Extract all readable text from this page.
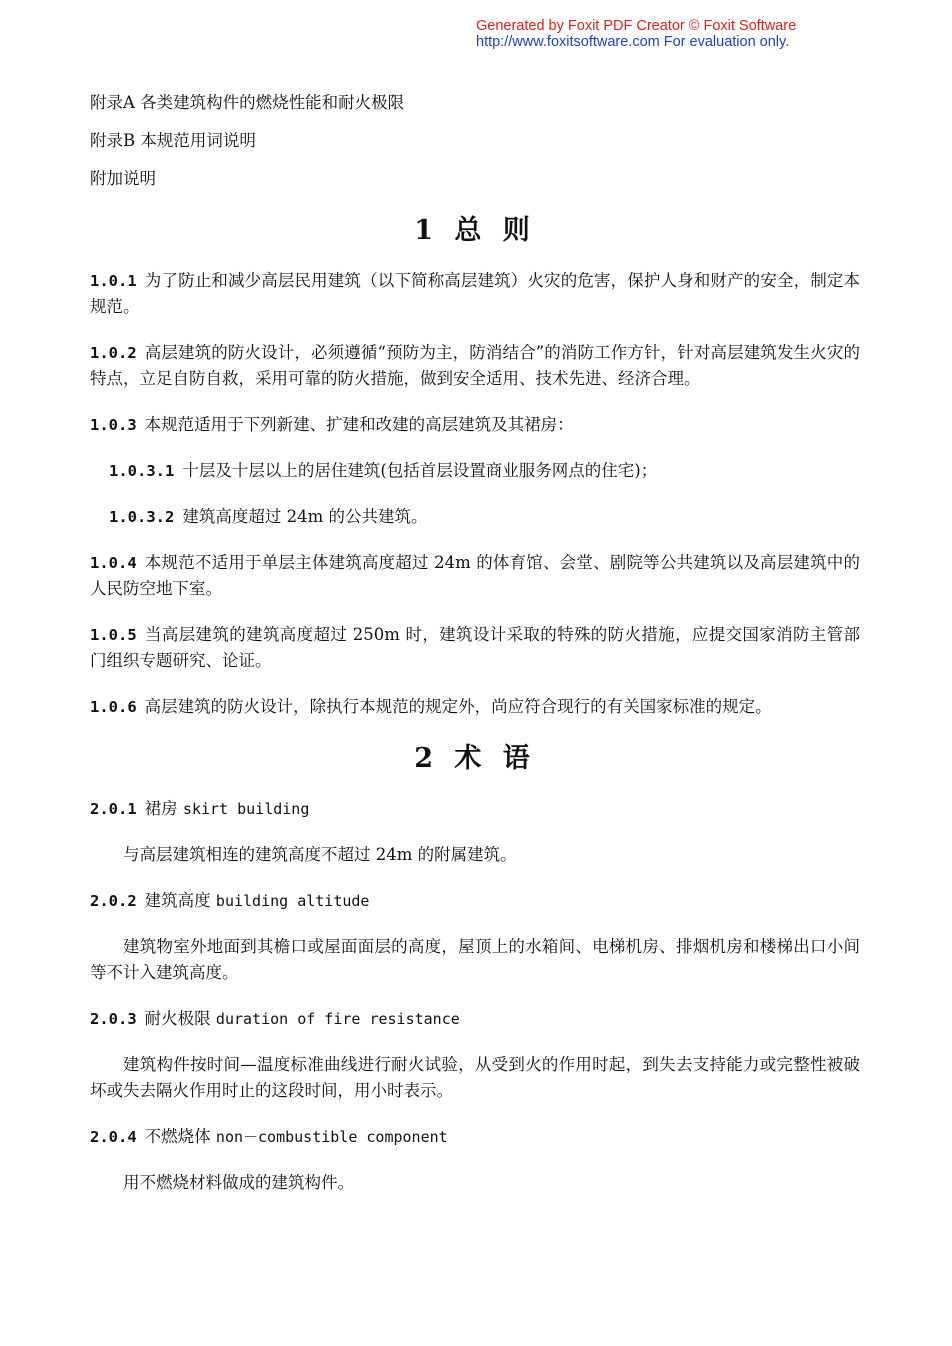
Generated by Foxit PDF Creator © Foxit Software
http://www.foxitsoftware.com For evaluation only.
附录A 各类建筑构件的燃烧性能和耐火极限
附录B 本规范用词说明
附加说明
1 总 则

1.0.1 为了防止和减少高层民用建筑（以下简称高层建筑）火灾的危害，保护人身和财产的安全，制定本规范。

1.0.2 高层建筑的防火设计，必须遵循“预防为主，防消结合”的消防工作方针，针对高层建筑发生火灾的特点，立足自防自救，采用可靠的防火措施，做到安全适用、技术先进、经济合理。

1.0.3 本规范适用于下列新建、扩建和改建的高层建筑及其裙房：

1.0.3.1 十层及十层以上的居住建筑(包括首层设置商业服务网点的住宅)；

1.0.3.2 建筑高度超过 24m 的公共建筑。

1.0.4 本规范不适用于单层主体建筑高度超过 24m 的体育馆、会堂、剧院等公共建筑以及高层建筑中的人民防空地下室。

1.0.5 当高层建筑的建筑高度超过 250m 时，建筑设计采取的特殊的防火措施，应提交国家消防主管部门组织专题研究、论证。

1.0.6 高层建筑的防火设计，除执行本规范的规定外，尚应符合现行的有关国家标准的规定。

2 术 语

2.0.1 裙房 skirt building

与高层建筑相连的建筑高度不超过 24m 的附属建筑。

2.0.2 建筑高度 building altitude

建筑物室外地面到其檐口或屋面面层的高度，屋顶上的水箱间、电梯机房、排烟机房和楼梯出口小间等不计入建筑高度。

2.0.3 耐火极限 duration of fire resistance

建筑构件按时间—温度标准曲线进行耐火试验，从受到火的作用时起，到失去支持能力或完整性被破坏或失去隔火作用时止的这段时间，用小时表示。

2.0.4 不燃烧体 non－combustible component

用不燃烧材料做成的建筑构件。
